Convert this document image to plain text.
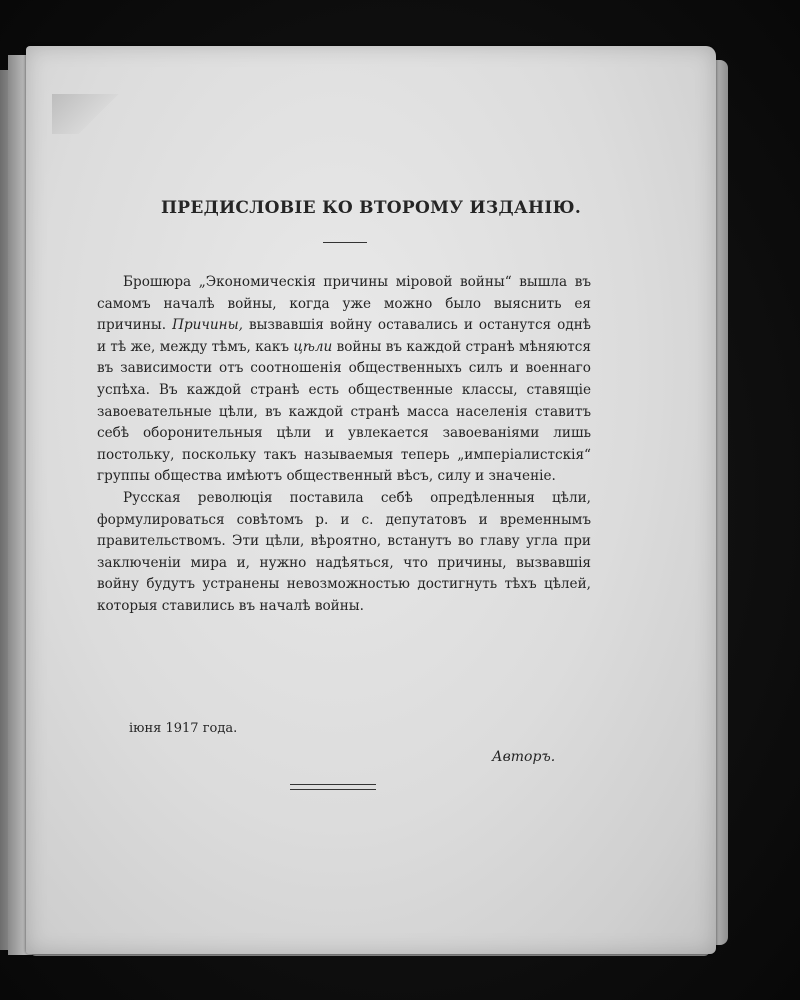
ПРЕДИСЛОВІЕ КО ВТОРОМУ ИЗДАНІЮ.

Брошюра „Экономическія причины міровой войны“ вышла въ самомъ началѣ войны, когда уже можно было выяснить ея причины. Причины, вызвавшія войну оставались и останутся однѣ и тѣ же, между тѣмъ, какъ цѣли войны въ каждой странѣ мѣняются въ зависимости отъ соотношенія общественныхъ силъ и военнаго успѣха. Въ каждой странѣ есть общественные классы, ставящіе завоевательные цѣли, въ каждой странѣ масса населенія ставитъ себѣ оборонительныя цѣли и увлекается завоеваніями лишь постольку, поскольку такъ называемыя теперь „имперіалистскія“ группы общества имѣютъ общественный вѣсъ, силу и значеніе.

Руcская революція поставила себѣ опредѣленныя цѣли, формулироваться совѣтомъ р. и с. депутатовъ и временнымъ правительствомъ. Эти цѣли, вѣроятно, встанутъ во главу угла при заключеніи мира и, нужно надѣяться, что причины, вызвавшія войну будутъ устранены невозможностью достигнуть тѣхъ цѣлей, которыя ставились въ началѣ войны.

іюня 1917 года.

Авторъ.
